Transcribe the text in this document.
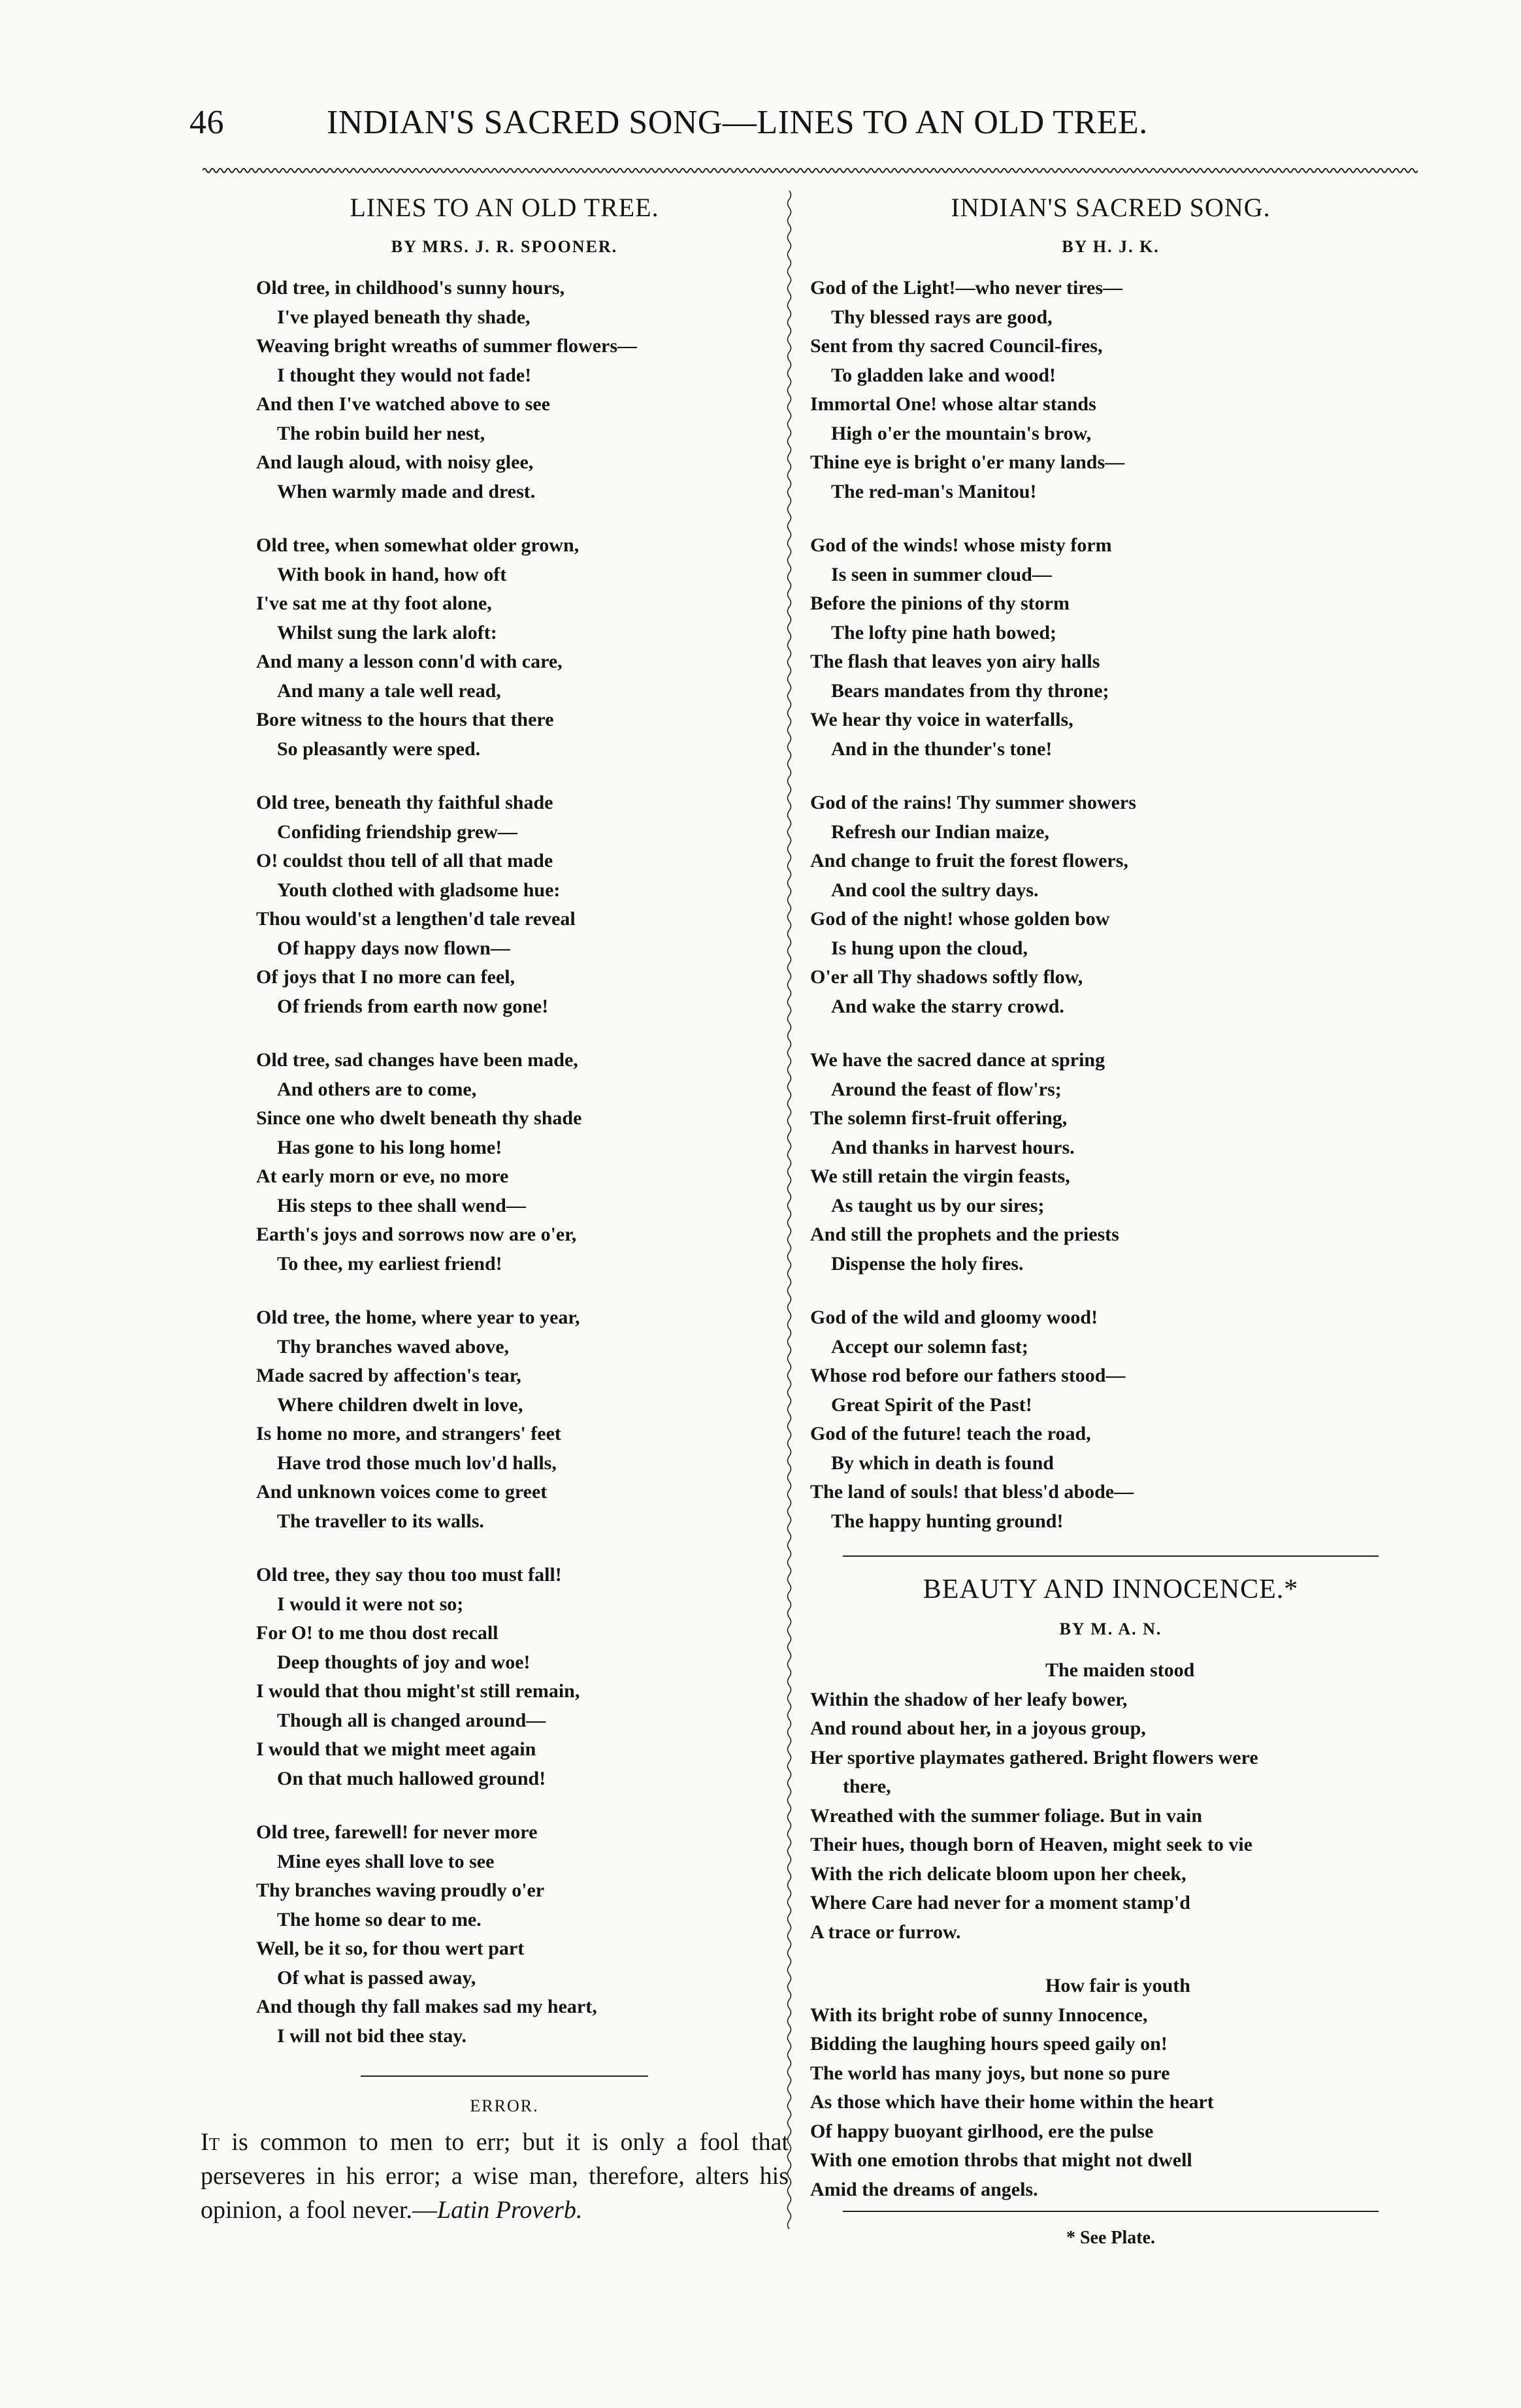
46	INDIAN'S SACRED SONG—LINES TO AN OLD TREE.
LINES TO AN OLD TREE.
BY MRS. J. R. SPOONER.
Old tree, in childhood's sunny hours,
I've played beneath thy shade,
Weaving bright wreaths of summer flowers—
I thought they would not fade!
And then I've watched above to see
The robin build her nest,
And laugh aloud, with noisy glee,
When warmly made and drest.
Old tree, when somewhat older grown,
With book in hand, how oft
I've sat me at thy foot alone,
Whilst sung the lark aloft:
And many a lesson conn'd with care,
And many a tale well read,
Bore witness to the hours that there
So pleasantly were sped.
Old tree, beneath thy faithful shade
Confiding friendship grew—
O! couldst thou tell of all that made
Youth clothed with gladsome hue:
Thou would'st a lengthen'd tale reveal
Of happy days now flown—
Of joys that I no more can feel,
Of friends from earth now gone!
Old tree, sad changes have been made,
And others are to come,
Since one who dwelt beneath thy shade
Has gone to his long home!
At early morn or eve, no more
His steps to thee shall wend—
Earth's joys and sorrows now are o'er,
To thee, my earliest friend!
Old tree, the home, where year to year,
Thy branches waved above,
Made sacred by affection's tear,
Where children dwelt in love,
Is home no more, and strangers' feet
Have trod those much lov'd halls,
And unknown voices come to greet
The traveller to its walls.
Old tree, they say thou too must fall!
I would it were not so;
For O! to me thou dost recall
Deep thoughts of joy and woe!
I would that thou might'st still remain,
Though all is changed around—
I would that we might meet again
On that much hallowed ground!
Old tree, farewell! for never more
Mine eyes shall love to see
Thy branches waving proudly o'er
The home so dear to me.
Well, be it so, for thou wert part
Of what is passed away,
And though thy fall makes sad my heart,
I will not bid thee stay.
ERROR.
It is common to men to err; but it is only a fool that perseveres in his error; a wise man, therefore, alters his opinion, a fool never.—Latin Proverb.
INDIAN'S SACRED SONG.
BY H. J. K.
God of the Light!—who never tires—
Thy blessed rays are good,
Sent from thy sacred Council-fires,
To gladden lake and wood!
Immortal One! whose altar stands
High o'er the mountain's brow,
Thine eye is bright o'er many lands—
The red-man's Manitou!
God of the winds! whose misty form
Is seen in summer cloud—
Before the pinions of thy storm
The lofty pine hath bowed;
The flash that leaves yon airy halls
Bears mandates from thy throne;
We hear thy voice in waterfalls,
And in the thunder's tone!
God of the rains! Thy summer showers
Refresh our Indian maize,
And change to fruit the forest flowers,
And cool the sultry days.
God of the night! whose golden bow
Is hung upon the cloud,
O'er all Thy shadows softly flow,
And wake the starry crowd.
We have the sacred dance at spring
Around the feast of flow'rs;
The solemn first-fruit offering,
And thanks in harvest hours.
We still retain the virgin feasts,
As taught us by our sires;
And still the prophets and the priests
Dispense the holy fires.
God of the wild and gloomy wood!
Accept our solemn fast;
Whose rod before our fathers stood—
Great Spirit of the Past!
God of the future! teach the road,
By which in death is found
The land of souls! that bless'd abode—
The happy hunting ground!
BEAUTY AND INNOCENCE.*
BY M. A. N.
The maiden stood
Within the shadow of her leafy bower,
And round about her, in a joyous group,
Her sportive playmates gathered. Bright flowers were
there,
Wreathed with the summer foliage. But in vain
Their hues, though born of Heaven, might seek to vie
With the rich delicate bloom upon her cheek,
Where Care had never for a moment stamp'd
A trace or furrow.
How fair is youth
With its bright robe of sunny Innocence,
Bidding the laughing hours speed gaily on!
The world has many joys, but none so pure
As those which have their home within the heart
Of happy buoyant girlhood, ere the pulse
With one emotion throbs that might not dwell
Amid the dreams of angels.
* See Plate.
